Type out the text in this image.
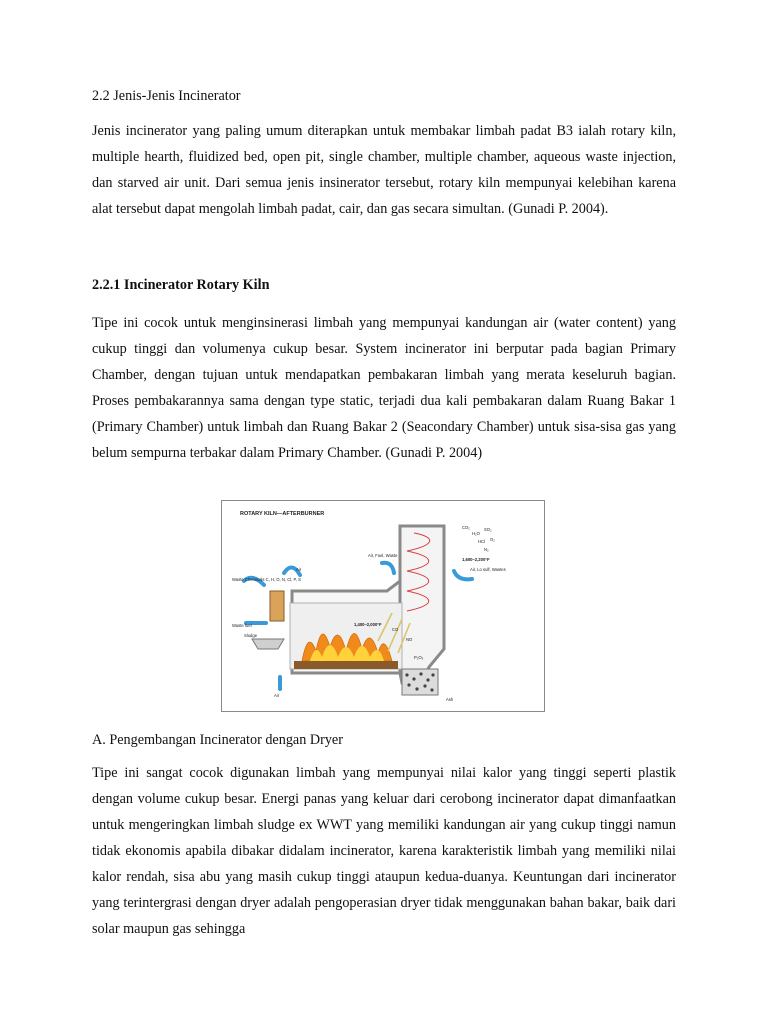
2.2 Jenis-Jenis Incinerator
Jenis incinerator yang paling umum diterapkan untuk membakar limbah padat B3 ialah rotary kiln, multiple hearth, fluidized bed, open pit, single chamber, multiple chamber, aqueous waste injection, dan starved air unit. Dari semua jenis insinerator tersebut, rotary kiln mempunyai kelebihan karena alat tersebut dapat mengolah limbah padat, cair, dan gas secara simultan. (Gunadi P. 2004).
2.2.1 Incinerator Rotary Kiln
Tipe ini cocok untuk menginsinerasi limbah yang mempunyai kandungan air (water content) yang cukup tinggi dan volumenya cukup besar. System incinerator ini berputar pada bagian Primary Chamber, dengan tujuan untuk mendapatkan pembakaran limbah yang merata keseluruh bagian. Proses pembakarannya sama dengan type static, terjadi dua kali pembakaran dalam Ruang Bakar 1 (Primary Chamber) untuk limbah dan Ruang Bakar 2 (Seacondary Chamber) untuk sisa-sisa gas yang belum sempurna terbakar dalam Primary Chamber. (Gunadi P. 2004)
ROTARY KILN—AFTERBURNER
Waste Chemicals C, H, O, N, Cl, P, S
Waste fuel
Sludge
Air
Air
Air, Fuel, Waste
Air, Lo sulf, Wastes
Ash
1,400–2,000°F
1,600–2,200°F
CO₂
H₂O
SO₂
HCl O₂
N₂
P₂O₅
CO
NO
A. Pengembangan Incinerator dengan Dryer
Tipe ini sangat cocok digunakan limbah yang mempunyai nilai kalor yang tinggi seperti plastik dengan volume cukup besar. Energi panas yang keluar dari cerobong incinerator dapat dimanfaatkan untuk mengeringkan limbah sludge ex WWT yang memiliki kandungan air yang cukup tinggi namun tidak ekonomis apabila dibakar didalam incinerator, karena karakteristik limbah yang memiliki nilai kalor rendah, sisa abu yang masih cukup tinggi ataupun kedua-duanya. Keuntungan dari incinerator yang terintergrasi dengan dryer adalah pengoperasian dryer tidak menggunakan bahan bakar, baik dari solar maupun gas sehingga
